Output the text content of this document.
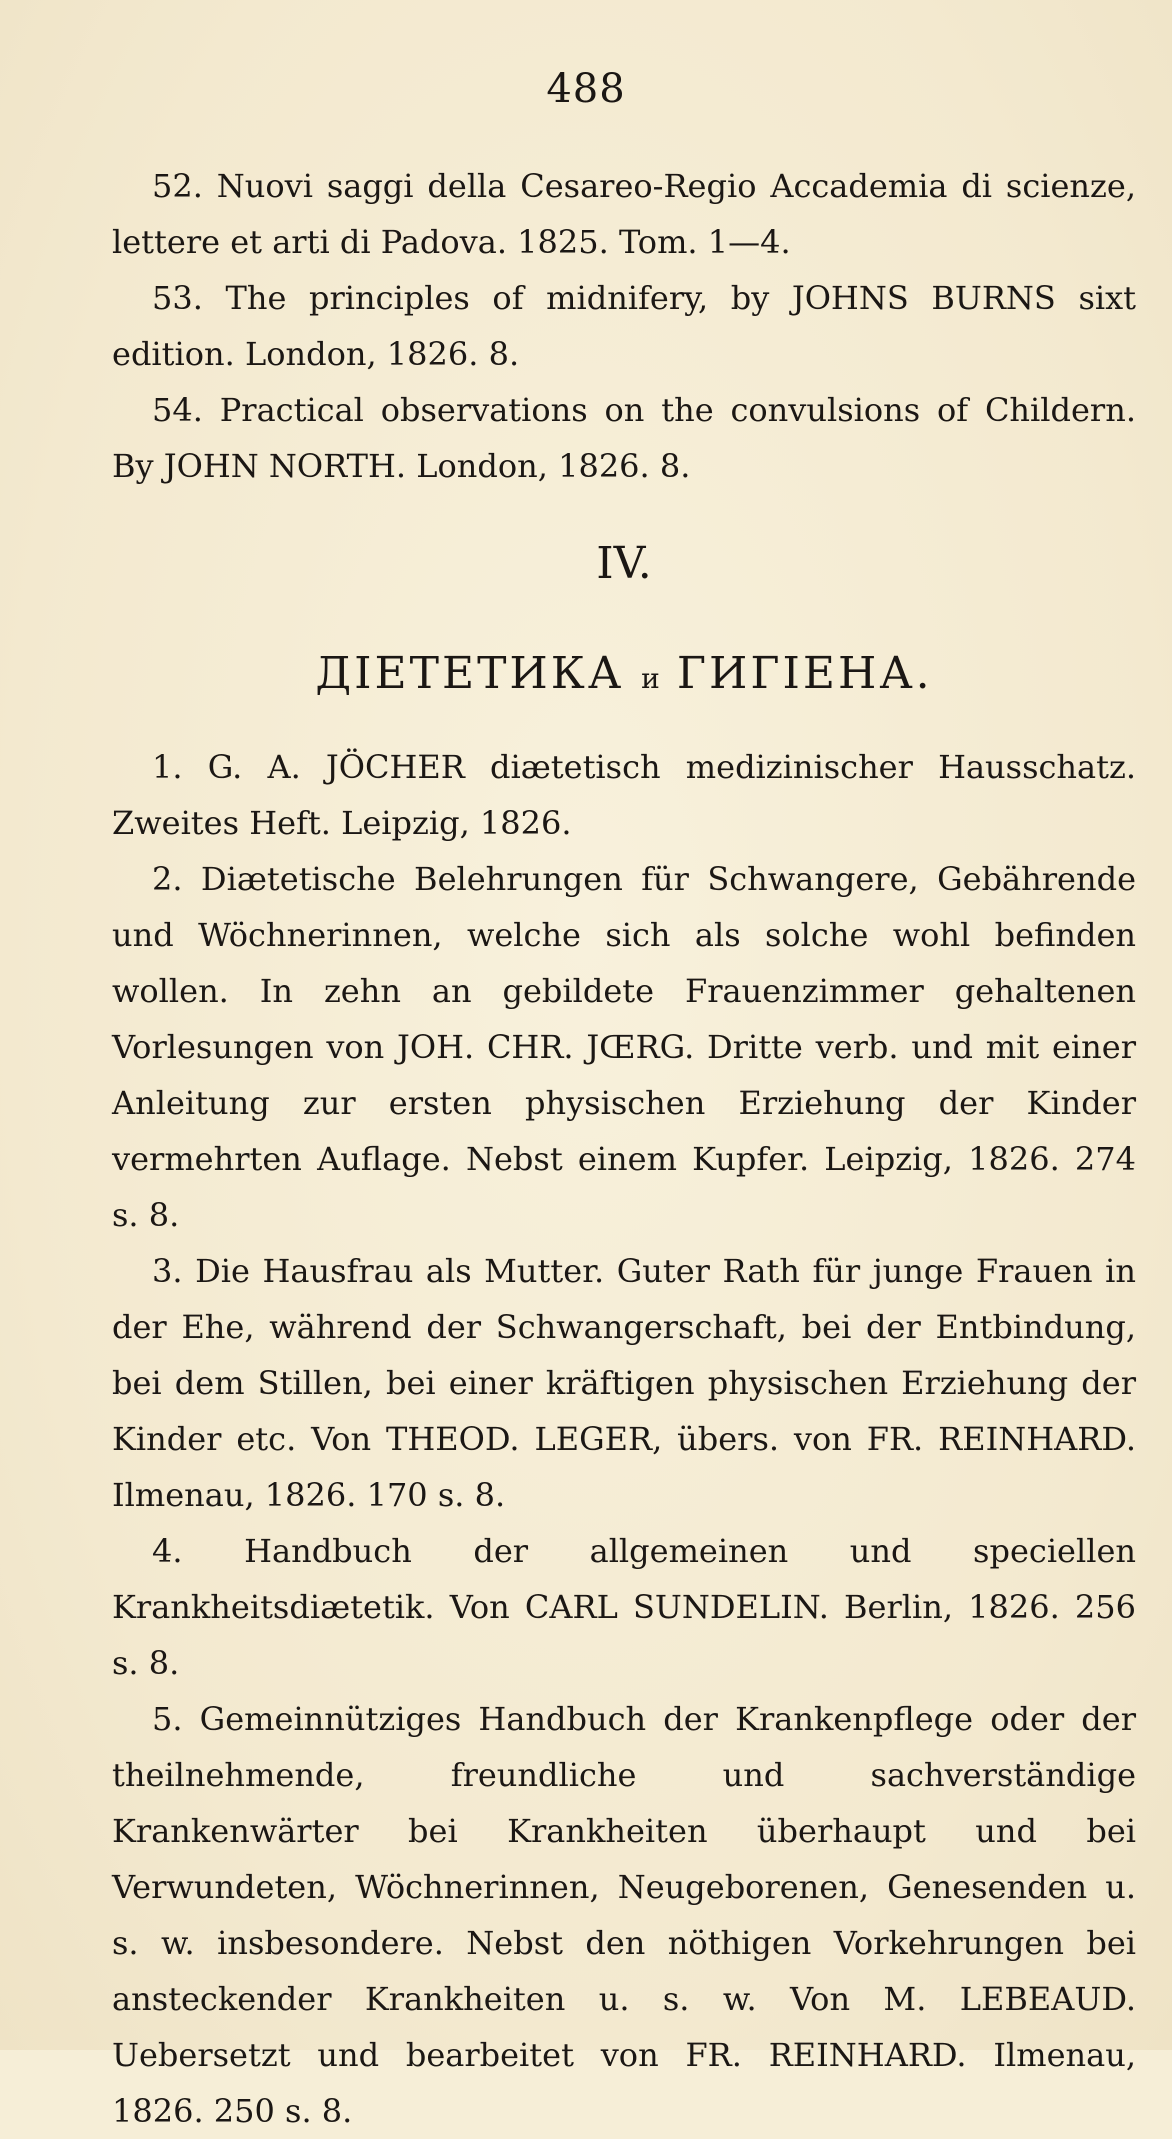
488

52. Nuovi saggi della Cesareo-Regio Accademia di scienze, lettere et arti di Padova. 1825. Tom. 1—4.

53. The principles of midnifery, by JOHNS BURNS sixt edition. London, 1826. 8.

54. Practical observations on the convulsions of Childern. By JOHN NORTH. London, 1826. 8.

IV.
ДIЕТЕТИКА и ГИГIЕНА.

1. G. A. JÖCHER diætetisch medizinischer Hausschatz. Zweites Heft. Leipzig, 1826.

2. Diætetische Belehrungen für Schwangere, Gebährende und Wöchnerinnen, welche sich als solche wohl befinden wollen. In zehn an gebildete Frauenzimmer gehaltenen Vorlesungen von JOH. CHR. JŒRG. Dritte verb. und mit einer Anleitung zur ersten physischen Erziehung der Kinder vermehrten Auflage. Nebst einem Kupfer. Leipzig, 1826. 274 s. 8.

3. Die Hausfrau als Mutter. Guter Rath für junge Frauen in der Ehe, während der Schwangerschaft, bei der Entbindung, bei dem Stillen, bei einer kräftigen physischen Erziehung der Kinder etc. Von THEOD. LEGER, übers. von FR. REINHARD. Ilmenau, 1826. 170 s. 8.

4. Handbuch der allgemeinen und speciellen Krankheitsdiætetik. Von CARL SUNDELIN. Berlin, 1826. 256 s. 8.

5. Gemeinnütziges Handbuch der Krankenpflege oder der theilnehmende, freundliche und sachverständige Krankenwärter bei Krankheiten überhaupt und bei Verwundeten, Wöchnerinnen, Neugeborenen, Genesenden u. s. w. insbesondere. Nebst den nöthigen Vorkehrungen bei ansteckender Krankheiten u. s. w. Von M. LEBEAUD. Uebersetzt und bearbeitet von FR. REINHARD. Ilmenau, 1826. 250 s. 8.
